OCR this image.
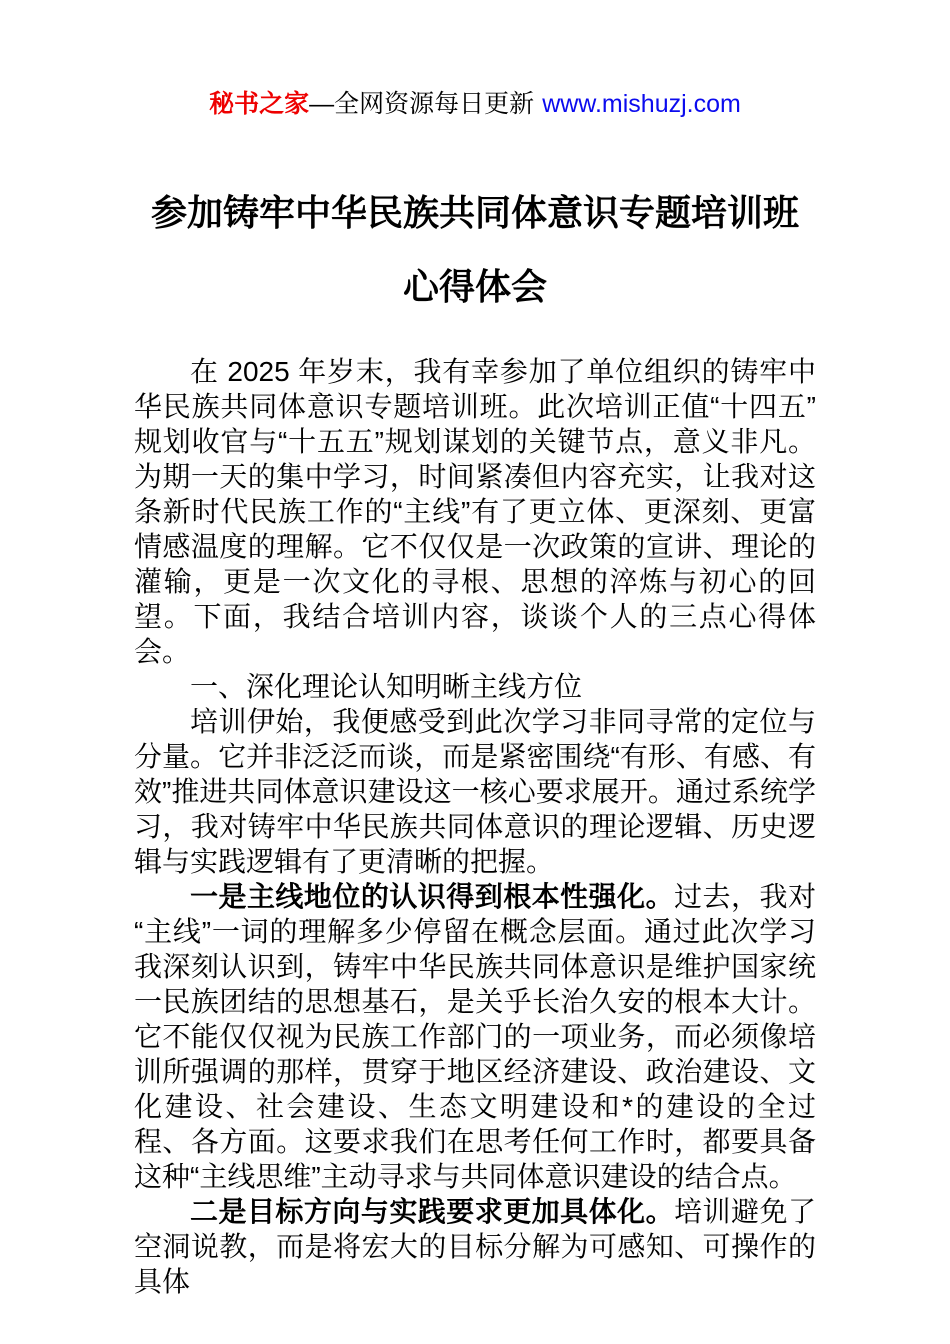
秘书之家—全网资源每日更新 www.mishuzj.com
参加铸牢中华民族共同体意识专题培训班
心得体会

在 2025 年岁末，我有幸参加了单位组织的铸牢中华民族共同体意识专题培训班。此次培训正值“十四五”规划收官与“十五五”规划谋划的关键节点，意义非凡。为期一天的集中学习，时间紧凑但内容充实，让我对这条新时代民族工作的“主线”有了更立体、更深刻、更富情感温度的理解。它不仅仅是一次政策的宣讲、理论的灌输，更是一次文化的寻根、思想的淬炼与初心的回望。下面，我结合培训内容，谈谈个人的三点心得体会。

一、深化理论认知明晰主线方位

培训伊始，我便感受到此次学习非同寻常的定位与分量。它并非泛泛而谈，而是紧密围绕“有形、有感、有效”推进共同体意识建设这一核心要求展开。通过系统学习，我对铸牢中华民族共同体意识的理论逻辑、历史逻辑与实践逻辑有了更清晰的把握。

一是主线地位的认识得到根本性强化。过去，我对“主线”一词的理解多少停留在概念层面。通过此次学习我深刻认识到，铸牢中华民族共同体意识是维护国家统一民族团结的思想基石，是关乎长治久安的根本大计。它不能仅仅视为民族工作部门的一项业务，而必须像培训所强调的那样，贯穿于地区经济建设、政治建设、文化建设、社会建设、生态文明建设和*的建设的全过程、各方面。这要求我们在思考任何工作时，都要具备这种“主线思维”主动寻求与共同体意识建设的结合点。

二是目标方向与实践要求更加具体化。培训避免了空洞说教，而是将宏大的目标分解为可感知、可操作的具体
